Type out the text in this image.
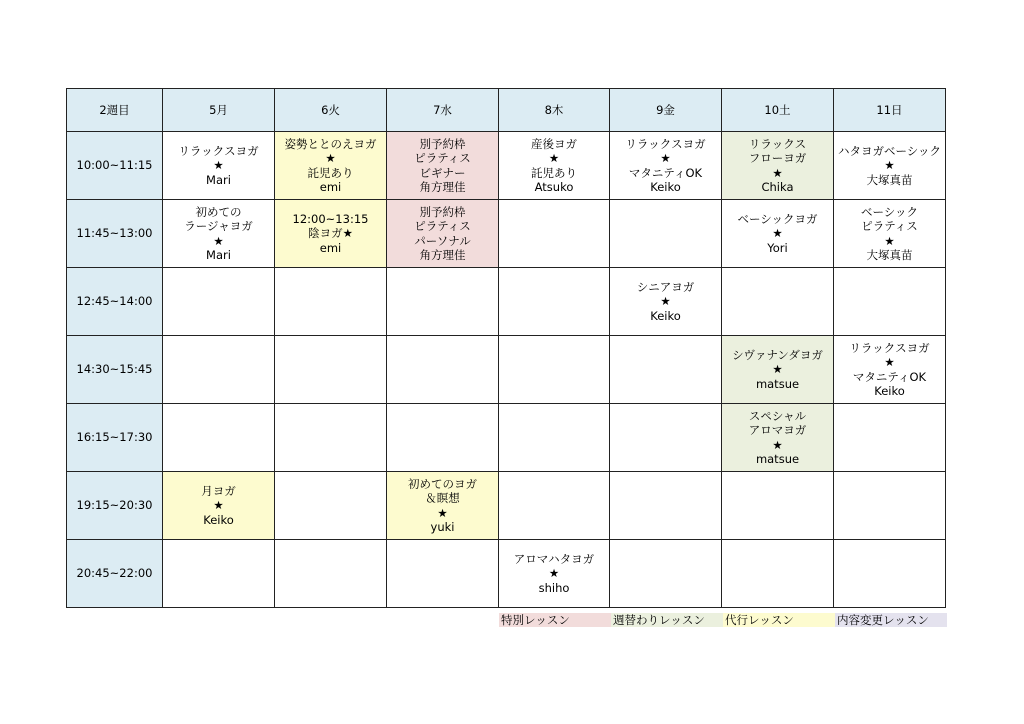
2週目	5月	6火	7水	8木	9金	10土	11日
10:00~11:15	リラックスヨガ
★
Mari	姿勢ととのえヨガ
★
託児あり
emi	別予約枠
ピラティス
ビギナー
角方理佳	産後ヨガ
★
託児あり
Atsuko	リラックスヨガ
★
マタニティOK
Keiko	リラックス
フローヨガ
★
Chika	ハタヨガベーシック
★
大塚真苗

11:45~13:00	初めての
ラージャヨガ
★
Mari	12:00~13:15
陰ヨガ★
emi	別予約枠
ピラティス
パーソナル
角方理佳			ベーシックヨガ
★
Yori	ベーシック
ピラティス
★
大塚真苗

12:45~14:00					シニアヨガ
★
Keiko		

14:30~15:45						シヴァナンダヨガ
★
matsue	リラックスヨガ
★
マタニティOK
Keiko

16:15~17:30						スペシャル
アロマヨガ
★
matsue	

19:15~20:30	月ヨガ
★
Keiko		初めてのヨガ
＆瞑想
★
yuki				

20:45~22:00				アロマハタヨガ
★
shiho			

特別レッスン	週替わりレッスン	代行レッスン	内容変更レッスン
